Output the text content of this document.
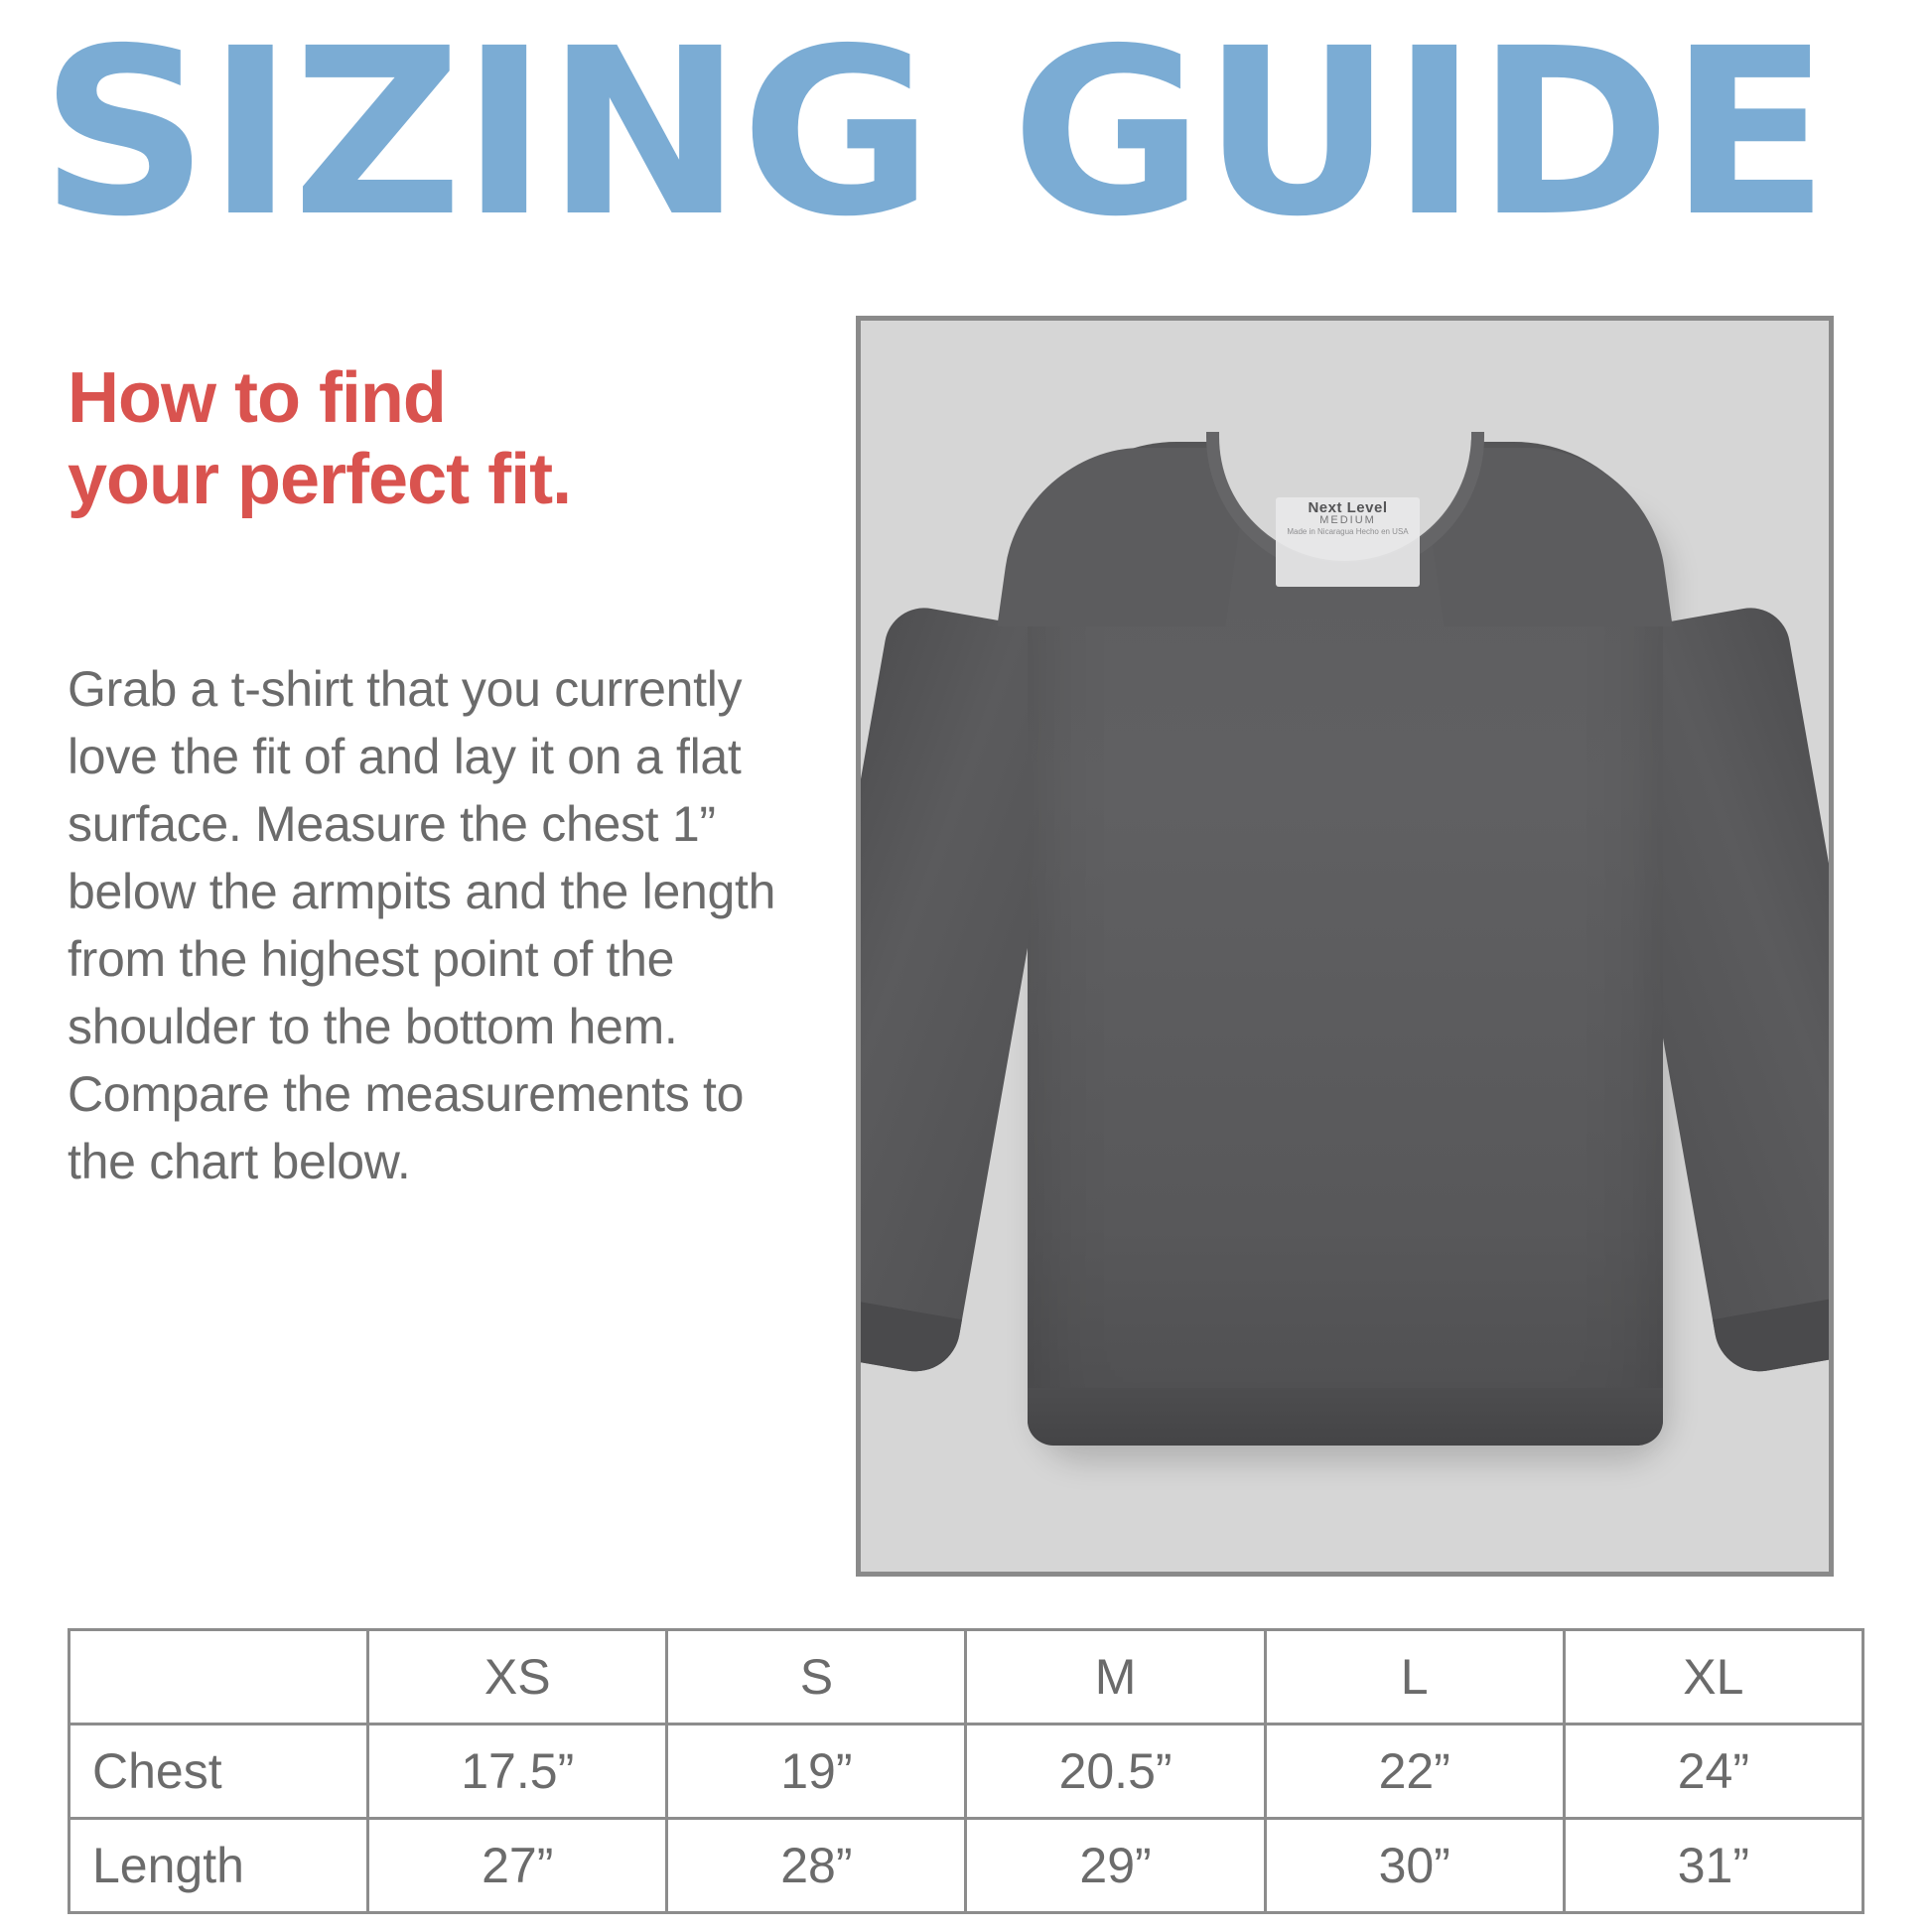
SIZING GUIDE
How to find
your perfect fit.
Grab a t-shirt that you currently love the fit of and lay it on a flat surface. Measure the chest 1” below the armpits and the length from the highest point of the shoulder to the bottom hem. Compare the measurements to the chart below.
Next Level
MEDIUM
Made in Nicaragua Hecho en USA
	XS	S	M	L	XL
Chest	17.5”	19”	20.5”	22”	24”
Length	27”	28”	29”	30”	31”
